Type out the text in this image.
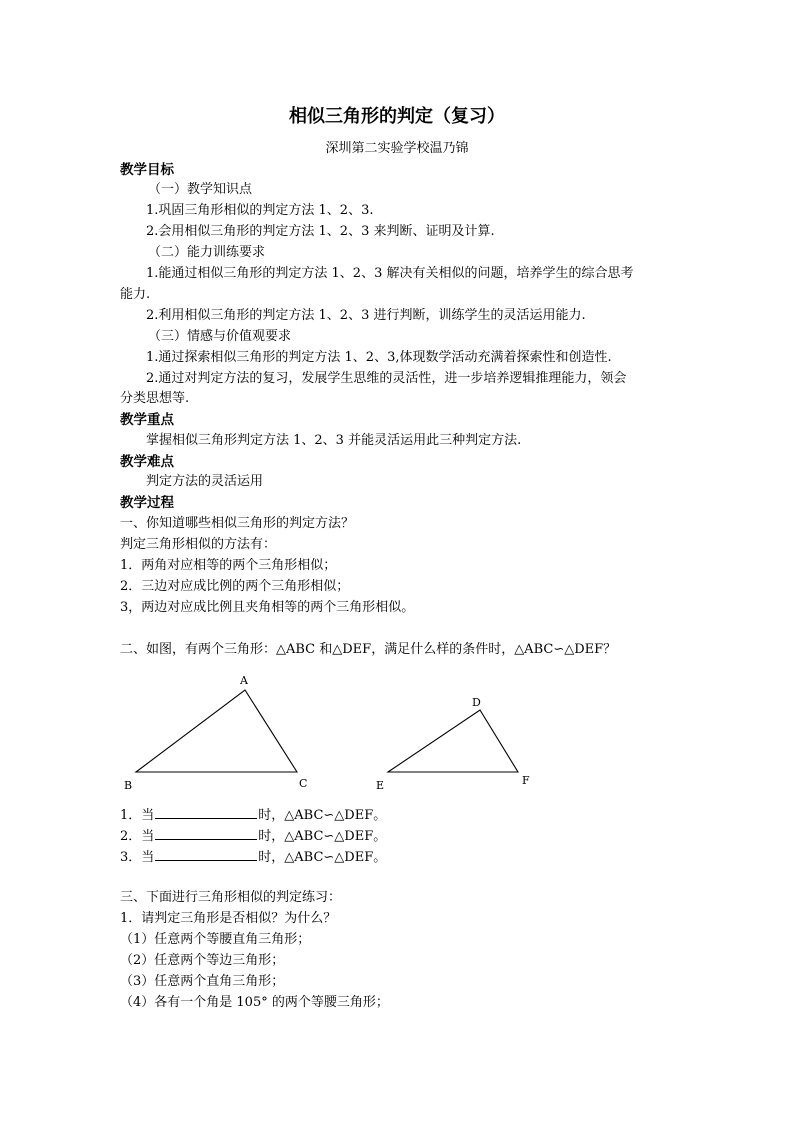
相似三角形的判定（复习）
深圳第二实验学校温乃锦
教学目标
（一）教学知识点
1.巩固三角形相似的判定方法 1、2、3.
2.会用相似三角形的判定方法 1、2、3 来判断、证明及计算.
（二）能力训练要求
1.能通过相似三角形的判定方法 1、2、3 解决有关相似的问题，培养学生的综合思考
能力.
2.利用相似三角形的判定方法 1、2、3 进行判断，训练学生的灵活运用能力.
（三）情感与价值观要求
1.通过探索相似三角形的判定方法 1、2、3,体现数学活动充满着探索性和创造性.
2.通过对判定方法的复习，发展学生思维的灵活性，进一步培养逻辑推理能力，领会
分类思想等.
教学重点
掌握相似三角形判定方法 1、2、3 并能灵活运用此三种判定方法.
教学难点
判定方法的灵活运用
教学过程
一、你知道哪些相似三角形的判定方法？
判定三角形相似的方法有：
1．两角对应相等的两个三角形相似；
2．三边对应成比例的两个三角形相似；
3，两边对应成比例且夹角相等的两个三角形相似。
二、如图，有两个三角形：△ABC 和△DEF，满足什么样的条件时，△ABC∽△DEF？
A
B	C
D
E	F
1．当	时，△ABC∽△DEF。
2．当	时，△ABC∽△DEF。
3．当	时，△ABC∽△DEF。
三、下面进行三角形相似的判定练习：
1．请判定三角形是否相似？为什么？
（1）任意两个等腰直角三角形；
（2）任意两个等边三角形；
（3）任意两个直角三角形；
（4）各有一个角是 105° 的两个等腰三角形；
